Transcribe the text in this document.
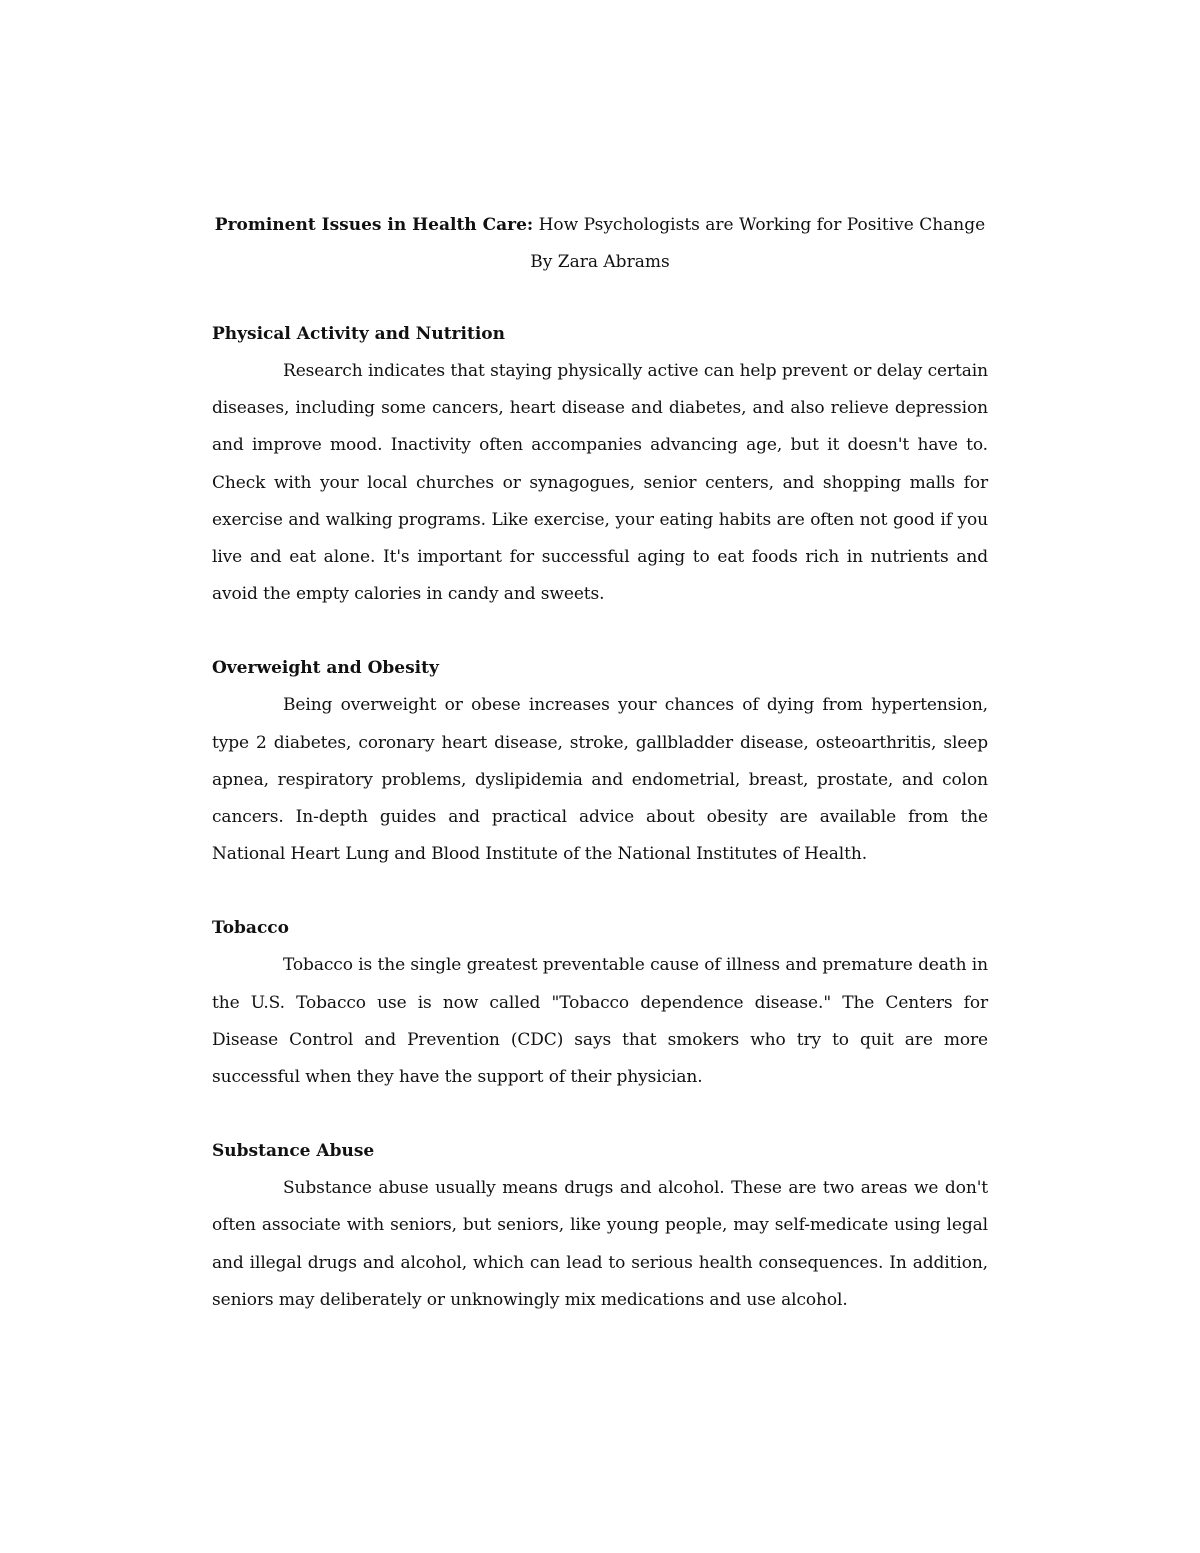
Prominent Issues in Health Care: How Psychologists are Working for Positive Change

By Zara Abrams

Physical Activity and Nutrition

Research indicates that staying physically active can help prevent or delay certain diseases, including some cancers, heart disease and diabetes, and also relieve depression and improve mood. Inactivity often accompanies advancing age, but it doesn't have to. Check with your local churches or synagogues, senior centers, and shopping malls for exercise and walking programs. Like exercise, your eating habits are often not good if you live and eat alone. It's important for successful aging to eat foods rich in nutrients and avoid the empty calories in candy and sweets.

Overweight and Obesity

Being overweight or obese increases your chances of dying from hypertension, type 2 diabetes, coronary heart disease, stroke, gallbladder disease, osteoarthritis, sleep apnea, respiratory problems, dyslipidemia and endometrial, breast, prostate, and colon cancers. In-depth guides and practical advice about obesity are available from the National Heart Lung and Blood Institute of the National Institutes of Health.

Tobacco

Tobacco is the single greatest preventable cause of illness and premature death in the U.S. Tobacco use is now called "Tobacco dependence disease." The Centers for Disease Control and Prevention (CDC) says that smokers who try to quit are more successful when they have the support of their physician.

Substance Abuse

Substance abuse usually means drugs and alcohol. These are two areas we don't often associate with seniors, but seniors, like young people, may self-medicate using legal and illegal drugs and alcohol, which can lead to serious health consequences. In addition, seniors may deliberately or unknowingly mix medications and use alcohol.
